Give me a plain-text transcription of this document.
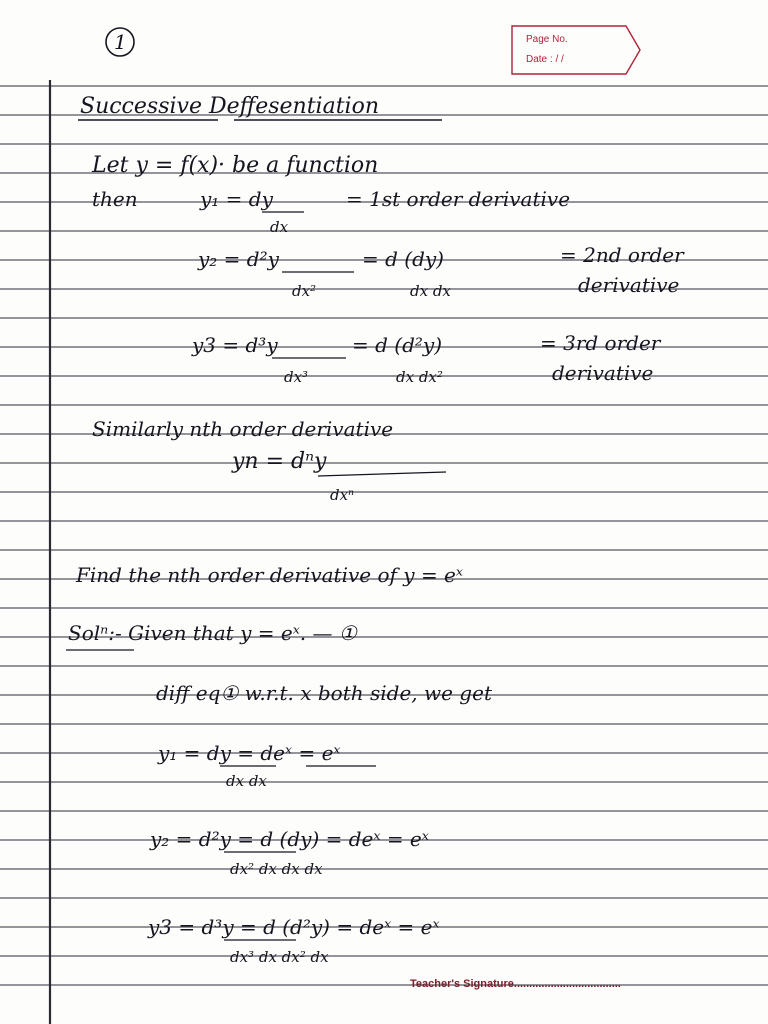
1
Successive Deffesentiation
Let y = f(x)· be a function
then	y₁ = dy
dx
= 1st order derivative
y₂ = d²y
dx²
= d (dy)
dx dx
= 2nd order
derivative
y3 = d³y
dx³
= d (d²y)
dx dx²
= 3rd order
derivative
Similarly nth order derivative
yn = dⁿy
dxⁿ
Find the nth order derivative of y = eˣ
Solⁿ:- Given that y = eˣ. — ①
diff eq① w.r.t. x both side, we get
y₁ = dy = deˣ = eˣ
dx dx
y₂ = d²y = d (dy) = deˣ = eˣ
dx² dx dx dx
y3 = d³y = d (d²y) = deˣ = eˣ
dx³ dx dx² dx
Page No.
Date : / /
Teacher's Signature...................................
